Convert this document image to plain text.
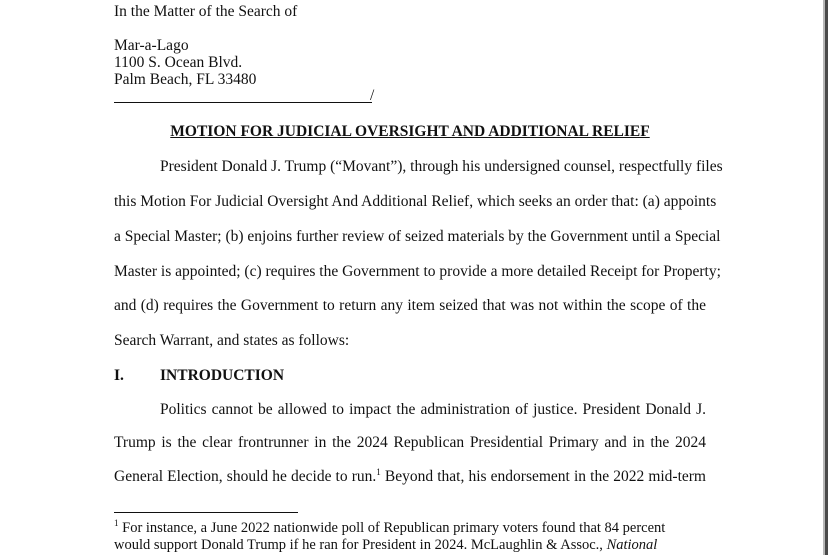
In the Matter of the Search of
Mar-a-Lago
1100 S. Ocean Blvd.
Palm Beach, FL 33480
/
MOTION FOR JUDICIAL OVERSIGHT AND ADDITIONAL RELIEF
President Donald J. Trump (“Movant”), through his undersigned counsel, respectfully files
this Motion For Judicial Oversight And Additional Relief, which seeks an order that: (a) appoints
a Special Master; (b) enjoins further review of seized materials by the Government until a Special
Master is appointed; (c) requires the Government to provide a more detailed Receipt for Property;
and (d) requires the Government to return any item seized that was not within the scope of the
Search Warrant, and states as follows:
I. INTRODUCTION
Politics cannot be allowed to impact the administration of justice. President Donald J.
Trump is the clear frontrunner in the 2024 Republican Presidential Primary and in the 2024
General Election, should he decide to run.$^1$ Beyond that, his endorsement in the 2022 mid-term
$^1$ For instance, a June 2022 nationwide poll of Republican primary voters found that 84 percent
would support Donald Trump if he ran for President in 2024. McLaughlin & Assoc., National
